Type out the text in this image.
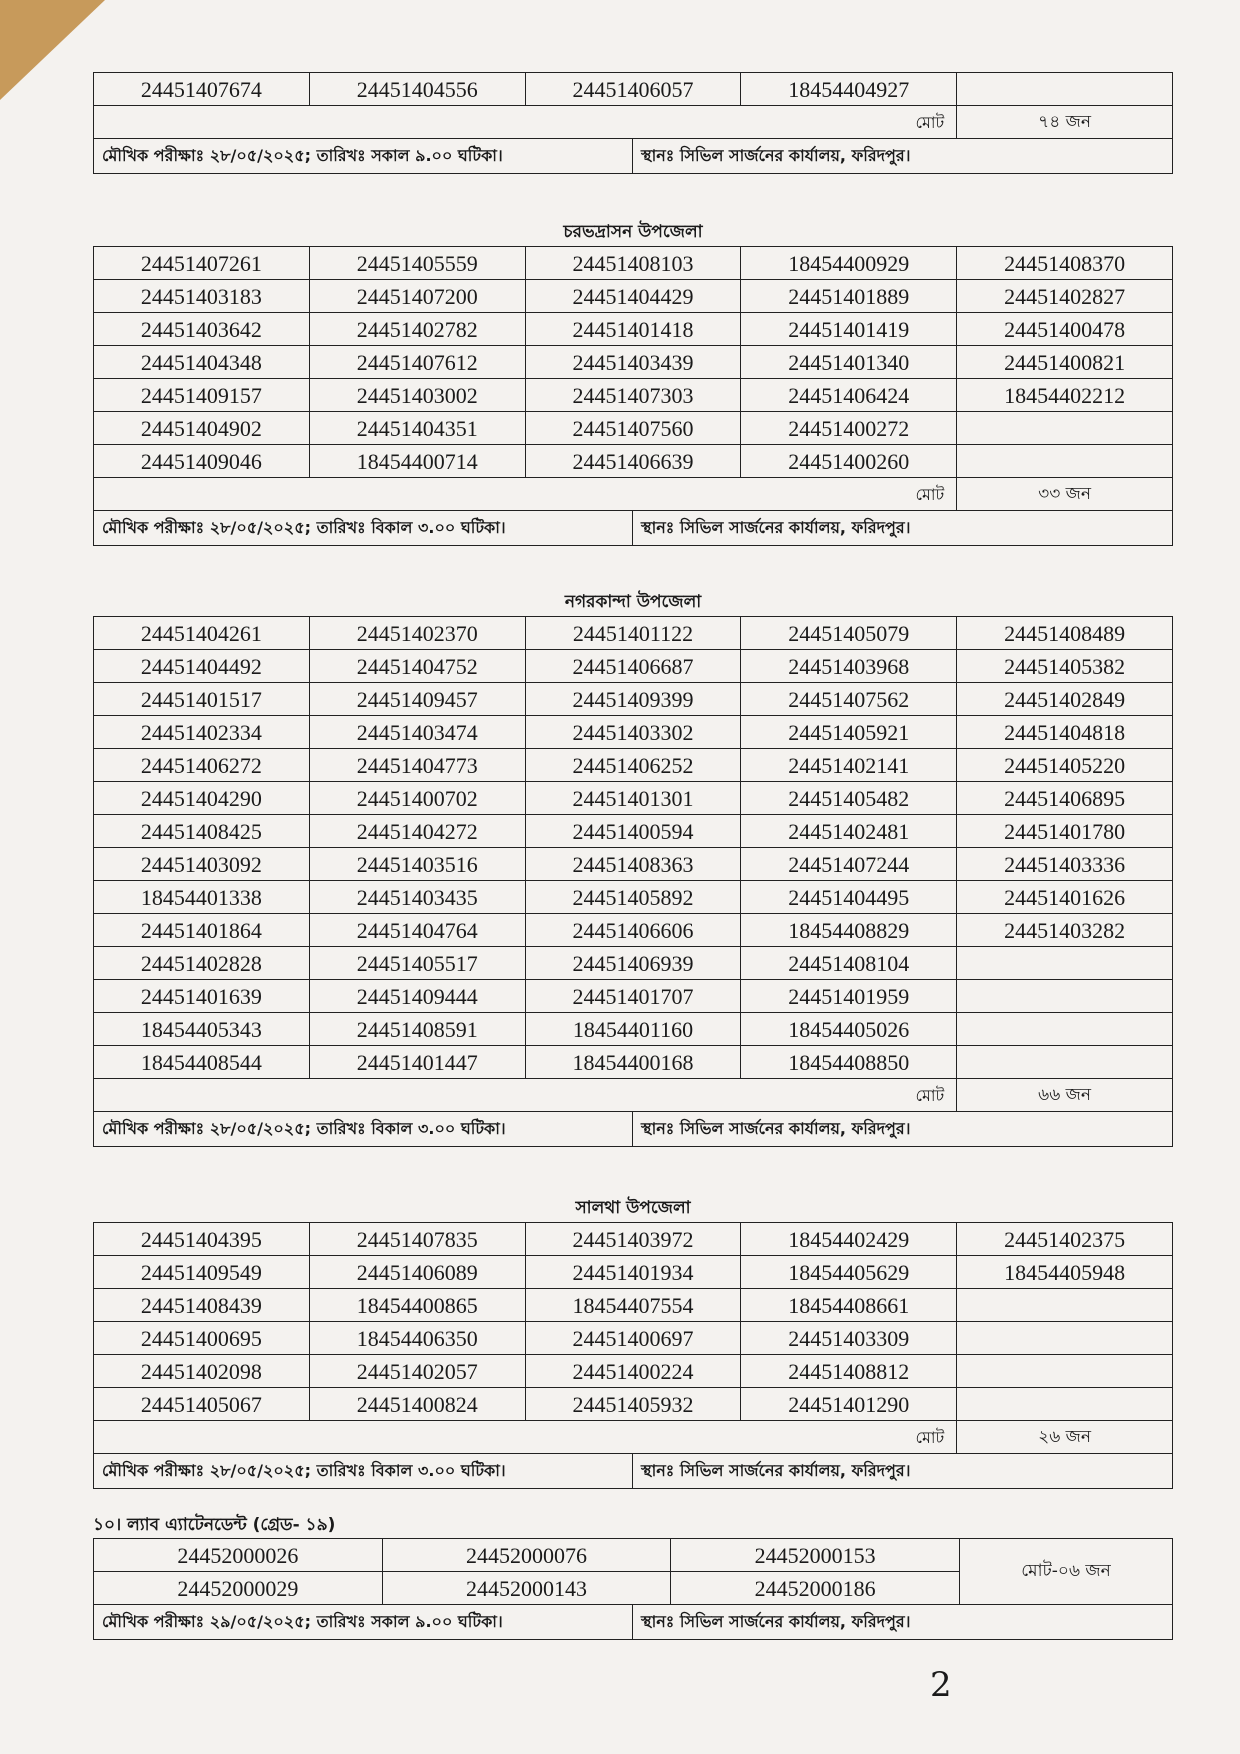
24451407674	24451404556	24451406057	18454404927	
মোট				৭৪ জন
মৌখিক পরীক্ষাঃ ২৮/০৫/২০২৫; তারিখঃ সকাল ৯.০০ ঘটিকা।	স্থানঃ সিভিল সার্জনের কার্যালয়, ফরিদপুর।
চরভদ্রাসন উপজেলা
24451407261	24451405559	24451408103	18454400929	24451408370
24451403183	24451407200	24451404429	24451401889	24451402827
24451403642	24451402782	24451401418	24451401419	24451400478
24451404348	24451407612	24451403439	24451401340	24451400821
24451409157	24451403002	24451407303	24451406424	18454402212
24451404902	24451404351	24451407560	24451400272	
24451409046	18454400714	24451406639	24451400260	
মোট				৩৩ জন
মৌখিক পরীক্ষাঃ ২৮/০৫/২০২৫; তারিখঃ বিকাল ৩.০০ ঘটিকা।	স্থানঃ সিভিল সার্জনের কার্যালয়, ফরিদপুর।
নগরকান্দা উপজেলা
24451404261	24451402370	24451401122	24451405079	24451408489
24451404492	24451404752	24451406687	24451403968	24451405382
24451401517	24451409457	24451409399	24451407562	24451402849
24451402334	24451403474	24451403302	24451405921	24451404818
24451406272	24451404773	24451406252	24451402141	24451405220
24451404290	24451400702	24451401301	24451405482	24451406895
24451408425	24451404272	24451400594	24451402481	24451401780
24451403092	24451403516	24451408363	24451407244	24451403336
18454401338	24451403435	24451405892	24451404495	24451401626
24451401864	24451404764	24451406606	18454408829	24451403282
24451402828	24451405517	24451406939	24451408104	
24451401639	24451409444	24451401707	24451401959	
18454405343	24451408591	18454401160	18454405026	
18454408544	24451401447	18454400168	18454408850	
মোট				৬৬ জন
মৌখিক পরীক্ষাঃ ২৮/০৫/২০২৫; তারিখঃ বিকাল ৩.০০ ঘটিকা।	স্থানঃ সিভিল সার্জনের কার্যালয়, ফরিদপুর।
সালথা উপজেলা
24451404395	24451407835	24451403972	18454402429	24451402375
24451409549	24451406089	24451401934	18454405629	18454405948
24451408439	18454400865	18454407554	18454408661	
24451400695	18454406350	24451400697	24451403309	
24451402098	24451402057	24451400224	24451408812	
24451405067	24451400824	24451405932	24451401290	
মোট				২৬ জন
মৌখিক পরীক্ষাঃ ২৮/০৫/২০২৫; তারিখঃ বিকাল ৩.০০ ঘটিকা।	স্থানঃ সিভিল সার্জনের কার্যালয়, ফরিদপুর।
১০। ল্যাব এ্যাটেনডেন্ট (গ্রেড- ১৯)
24452000026	24452000076	24452000153	মোট-০৬ জন
24452000029	24452000143	24452000186	
মৌখিক পরীক্ষাঃ ২৯/০৫/২০২৫; তারিখঃ সকাল ৯.০০ ঘটিকা।	স্থানঃ সিভিল সার্জনের কার্যালয়, ফরিদপুর।
2
